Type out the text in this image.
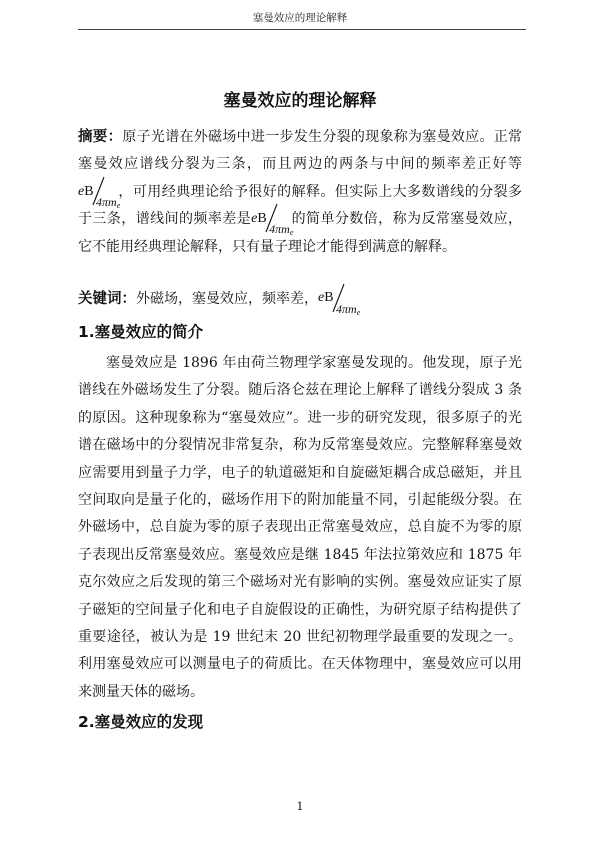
塞曼效应的理论解释
塞曼效应的理论解释
摘要：原子光谱在外磁场中进一步发生分裂的现象称为塞曼效应。正常塞曼效应谱线分裂为三条，而且两边的两条与中间的频率差正好等
eB
$4\pi m_e$
，可用经典理论给予很好的解释。但实际上大多数谱线的分裂多于三条，谱线间的频率差是 eB
$4\pi m_e$
的简单分数倍，称为反常塞曼效应，它不能用经典理论解释，只有量子理论才能得到满意的解释。
关键词：外磁场，塞曼效应，频率差， eB
$4\pi m_e$
1.塞曼效应的简介
塞曼效应是 1896 年由荷兰物理学家塞曼发现的。他发现，原子光谱线在外磁场发生了分裂。随后洛仑兹在理论上解释了谱线分裂成 3 条的原因。这种现象称为“塞曼效应”。进一步的研究发现，很多原子的光谱在磁场中的分裂情况非常复杂，称为反常塞曼效应。完整解释塞曼效应需要用到量子力学，电子的轨道磁矩和自旋磁矩耦合成总磁矩，并且空间取向是量子化的，磁场作用下的附加能量不同，引起能级分裂。在外磁场中，总自旋为零的原子表现出正常塞曼效应，总自旋不为零的原子表现出反常塞曼效应。塞曼效应是继 1845 年法拉第效应和 1875 年克尔效应之后发现的第三个磁场对光有影响的实例。塞曼效应证实了原子磁矩的空间量子化和电子自旋假设的正确性，为研究原子结构提供了重要途径，被认为是 19 世纪末 20 世纪初物理学最重要的发现之一。利用塞曼效应可以测量电子的荷质比。在天体物理中，塞曼效应可以用来测量天体的磁场。
2.塞曼效应的发现
1
